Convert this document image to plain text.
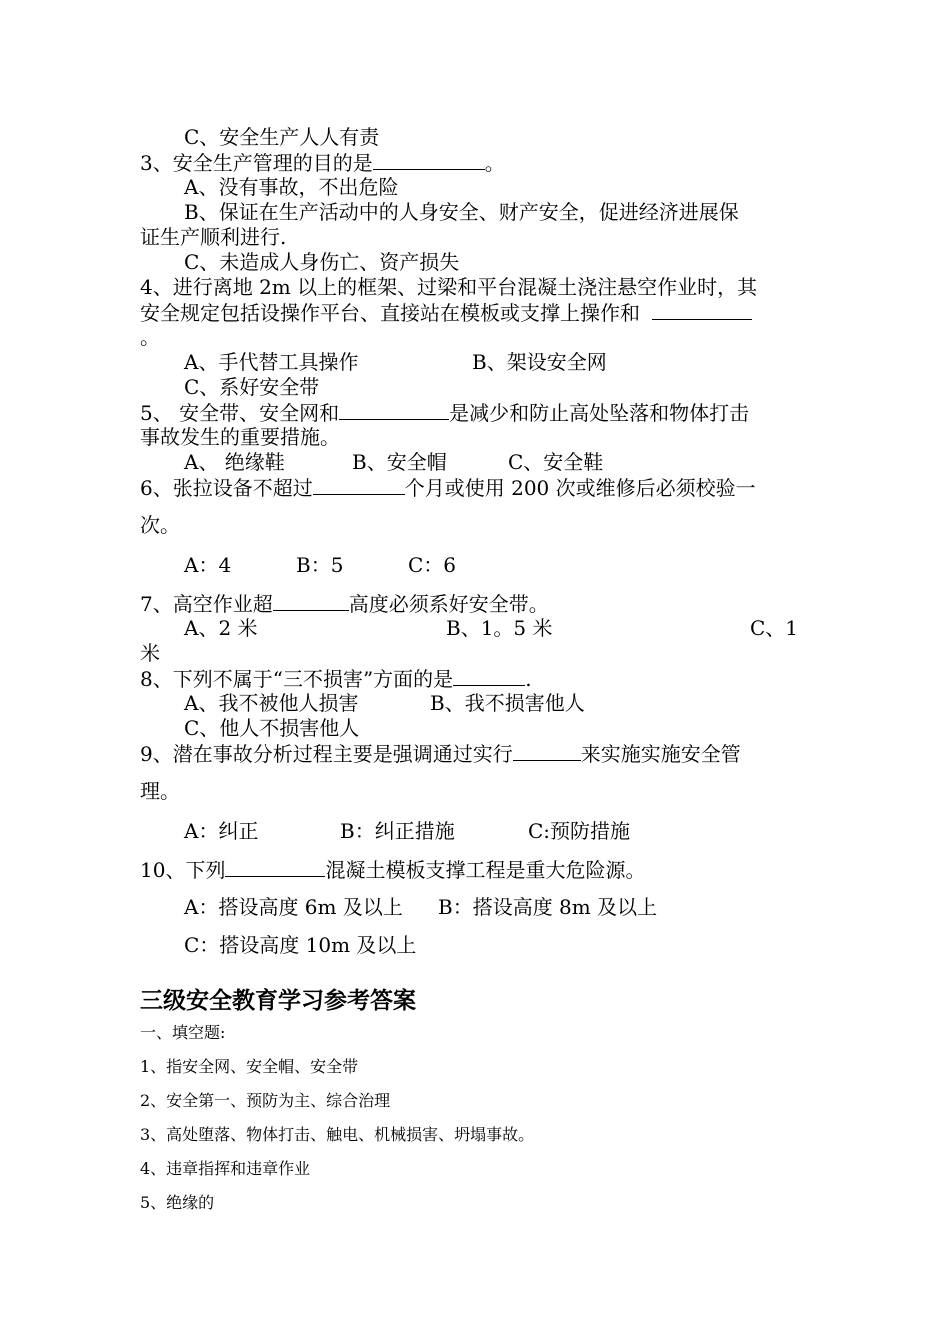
C、安全生产人人有责
3、安全生产管理的目的是	。
A、没有事故，不出危险
B、保证在生产活动中的人身安全、财产安全，促进经济进展保
证生产顺利进行.
C、未造成人身伤亡、资产损失
4、进行离地 2m 以上的框架、过梁和平台混凝土浇注悬空作业时，其
安全规定包括设操作平台、直接站在模板或支撑上操作和
。
A、手代替工具操作	B、架设安全网
C、系好安全带
5、 安全带、安全网和	是减少和防止高处坠落和物体打击
事故发生的重要措施。
A、 绝缘鞋	B、安全帽	C、安全鞋
6、张拉设备不超过	个月或使用 200 次或维修后必须校验一
次。
A：4	B：5	C：6
7、高空作业超	高度必须系好安全带。
A、2 米	B、1。5 米	C、1
米
8、下列不属于“三不损害”方面的是	.
A、我不被他人损害	B、我不损害他人
C、他人不损害他人
9、潜在事故分析过程主要是强调通过实行	来实施实施安全管
理。
A：纠正	B：纠正措施	C:预防措施
10、下列	混凝土模板支撑工程是重大危险源。
A：搭设高度 6m 及以上 B：搭设高度 8m 及以上
C：搭设高度 10m 及以上
三级安全教育学习参考答案
一、填空题:
1、指安全网、安全帽、安全带
2、安全第一、预防为主、综合治理
3、高处堕落、物体打击、触电、机械损害、坍塌事故。
4、违章指挥和违章作业
5、绝缘的
